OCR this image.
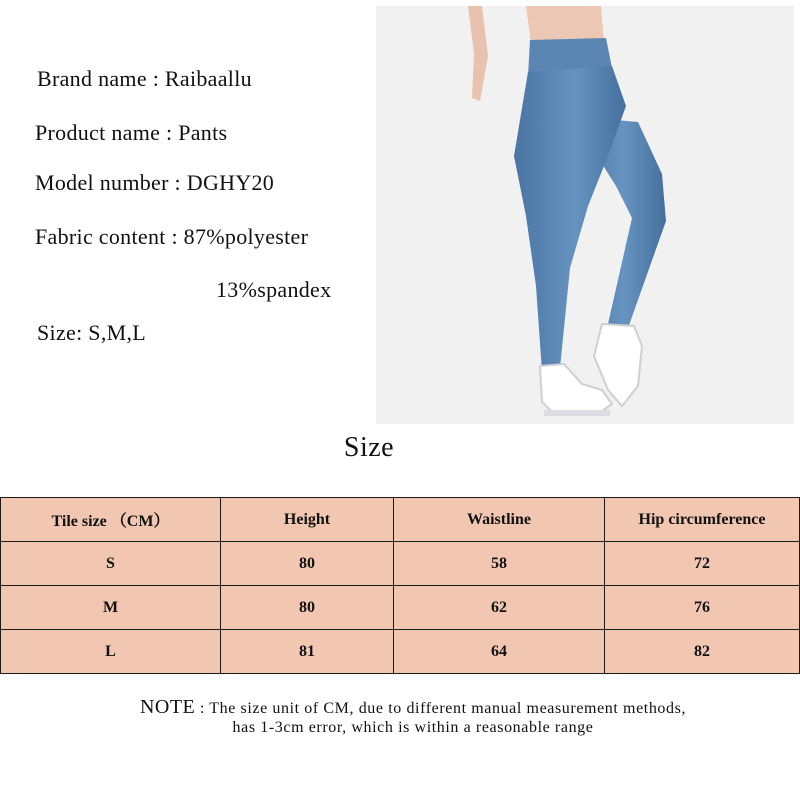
Brand name : Raibaallu
Product name : Pants
Model number : DGHY20
Fabric content : 87%polyester
13%spandex
Size: S,M,L
Size
Tile size （CM）	Height	Waistline	Hip circumference
S	80	58	72
M	80	62	76
L	81	64	82
NOTE : The size unit of CM, due to different manual measurement methods,
has 1-3cm error, which is within a reasonable range
